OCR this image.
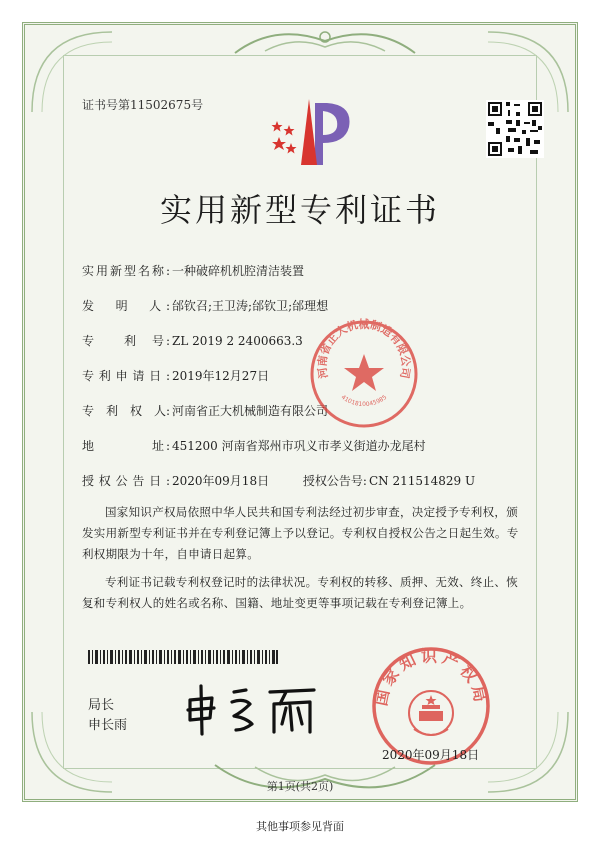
证书号第11502675号
实用新型专利证书
实用新型名称: 一种破碎机机腔清洁装置
发　明　人: 邰钦召;王卫涛;邰钦卫;邰理想
专　　利　号: ZL 2019 2 2400663.3
专利申请日: 2019年12月27日
专　利　权　人: 河南省正大机械制造有限公司
地　　　　址: 451200 河南省郑州市巩义市孝义街道办龙尾村
授权公告日: 2020年09月18日	授权公告号: CN 211514829 U
国家知识产权局依照中华人民共和国专利法经过初步审查，决定授予专利权，颁发实用新型专利证书并在专利登记簿上予以登记。专利权自授权公告之日起生效。专利权期限为十年，自申请日起算。
专利证书记载专利权登记时的法律状况。专利权的转移、质押、无效、终止、恢复和专利权人的姓名或名称、国籍、地址变更等事项记载在专利登记簿上。
局长
申长雨
河南省正大机械制造有限公司
4101810045985
国家知识产权局
2020年09月18日
第1页(共2页)
其他事项参见背面
